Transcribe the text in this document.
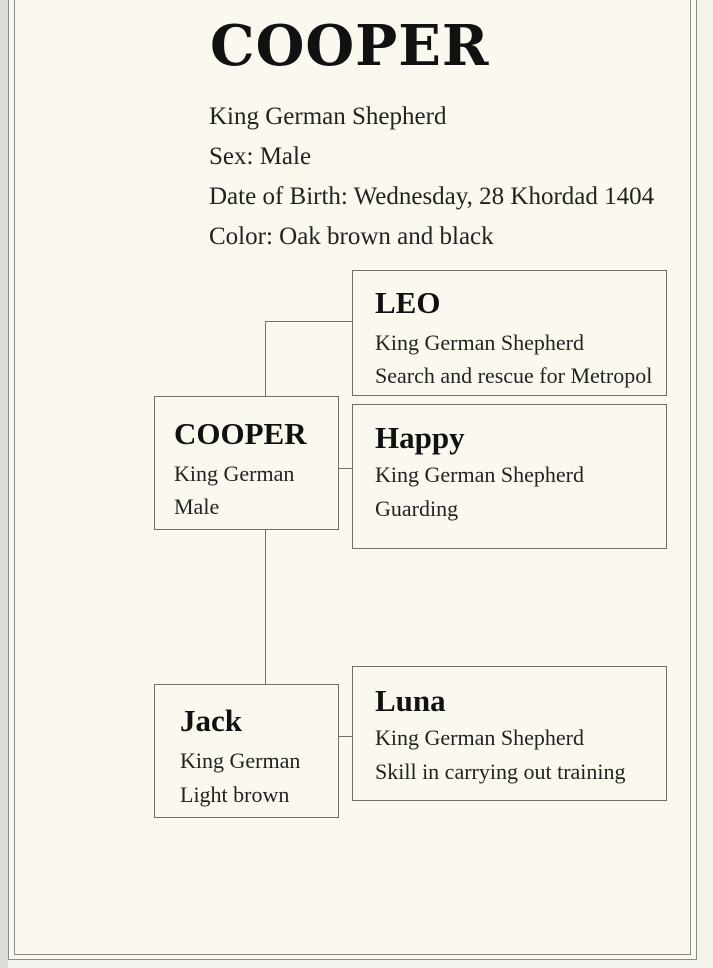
COOPER

King German Shepherd

Sex: Male

Date of Birth: Wednesday, 28 Khordad 1404

Color: Oak brown and black

LEO
King German Shepherd
Search and rescue for Metropol
Happy
King German Shepherd
Guarding
COOPER
King German
Male
Jack
King German
Light brown
Luna
King German Shepherd
Skill in carrying out training
